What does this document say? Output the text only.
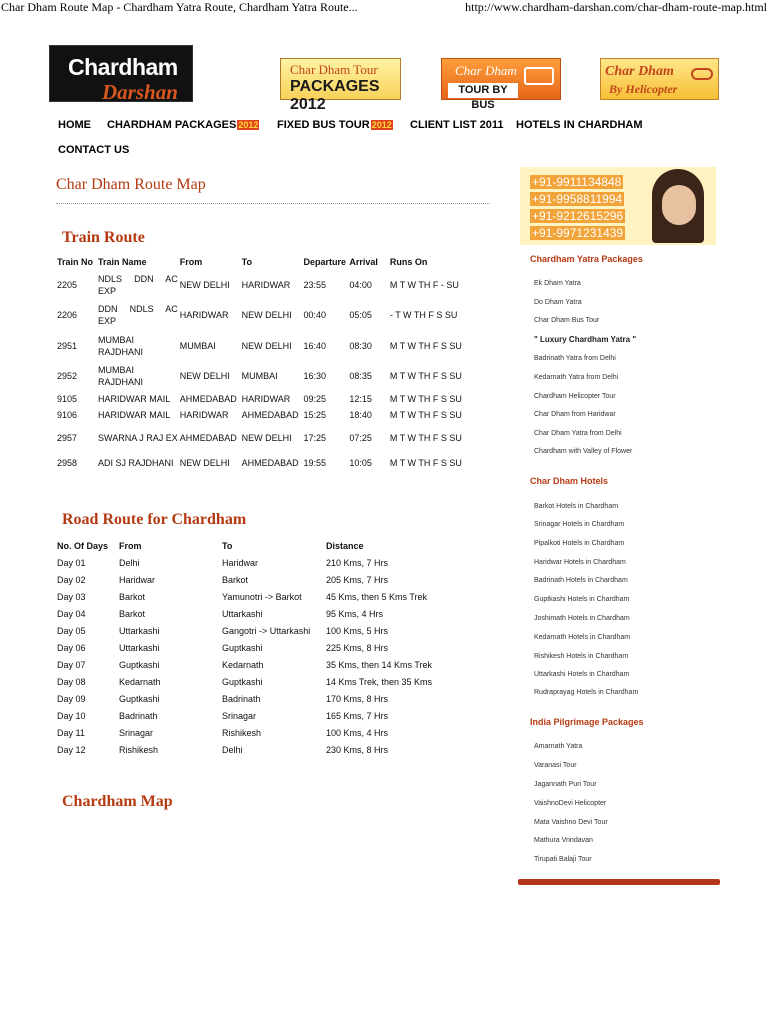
Char Dham Route Map - Chardham Yatra Route, Chardham Yatra Route...	http://www.chardham-darshan.com/char-dham-route-map.html
Chardham
Darshan
Char Dham Tour
PACKAGES 2012
Char Dham
TOUR BY BUS
Char Dham
By Helicopter
HOME CHARDHAM PACKAGES 2012 FIXED BUS TOUR 2012 CLIENT LIST 2011 HOTELS IN CHARDHAM
CONTACT US
Char Dham Route Map
Train Route
Train No	Train Name	From	To	Departure	Arrival	Runs On
2205	NDLS DDN AC EXP	NEW DELHI	HARIDWAR	23:55	04:00	M T W TH F - SU
2206	DDN NDLS AC EXP	HARIDWAR	NEW DELHI	00:40	05:05	- T W TH F S SU
2951	MUMBAI RAJDHANI	MUMBAI	NEW DELHI	16:40	08:30	M T W TH F S SU
2952	MUMBAI RAJDHANI	NEW DELHI	MUMBAI	16:30	08:35	M T W TH F S SU
9105	HARIDWAR MAIL	AHMEDABAD	HARIDWAR	09:25	12:15	M T W TH F S SU
9106	HARIDWAR MAIL	HARIDWAR	AHMEDABAD	15:25	18:40	M T W TH F S SU
2957	SWARNA J RAJ EX	AHMEDABAD	NEW DELHI	17:25	07:25	M T W TH F S SU
2958	ADI SJ RAJDHANI	NEW DELHI	AHMEDABAD	19:55	10:05	M T W TH F S SU
Road Route for Chardham
No. Of Days	From	To	Distance
Day 01	Delhi	Haridwar	210 Kms, 7 Hrs
Day 02	Haridwar	Barkot	205 Kms, 7 Hrs
Day 03	Barkot	Yamunotri -> Barkot	45 Kms, then 5 Kms Trek
Day 04	Barkot	Uttarkashi	95 Kms, 4 Hrs
Day 05	Uttarkashi	Gangotri -> Uttarkashi	100 Kms, 5 Hrs
Day 06	Uttarkashi	Guptkashi	225 Kms, 8 Hrs
Day 07	Guptkashi	Kedarnath	35 Kms, then 14 Kms Trek
Day 08	Kedarnath	Guptkashi	14 Kms Trek, then 35 Kms
Day 09	Guptkashi	Badrinath	170 Kms, 8 Hrs
Day 10	Badrinath	Srinagar	165 Kms, 7 Hrs
Day 11	Srinagar	Rishikesh	100 Kms, 4 Hrs
Day 12	Rishikesh	Delhi	230 Kms, 8 Hrs
Chardham Map
+91-9911134848
+91-9958811994
+91-9212615296
+91-9971231439
Chardham Yatra Packages
Ek Dham Yatra
Do Dham Yatra
Char Dham Bus Tour
" Luxury Chardham Yatra "
Badrinath Yatra from Delhi
Kedarnath Yatra from Delhi
Chardham Helicopter Tour
Char Dham from Haridwar
Char Dham Yatra from Delhi
Chardham with Valley of Flower
Char Dham Hotels
Barkot Hotels in Chardham
Srinagar Hotels in Chardham
Pipalkoti Hotels in Chardham
Haridwar Hotels in Chardham
Badrinath Hotels in Chardham
Guptkashi Hotels in Chardham
Joshimath Hotels in Chardham
Kedarnath Hotels in Chardham
Rishikesh Hotels in Chardham
Uttarkashi Hotels in Chardham
Rudraprayag Hotels in Chardham
India Pilgrimage Packages
Amarnath Yatra
Varanasi Tour
Jagannath Puri Tour
VaishnoDevi Helicopter
Mata Vaishno Devi Tour
Mathura Vrindavan
Tirupati Balaji Tour
